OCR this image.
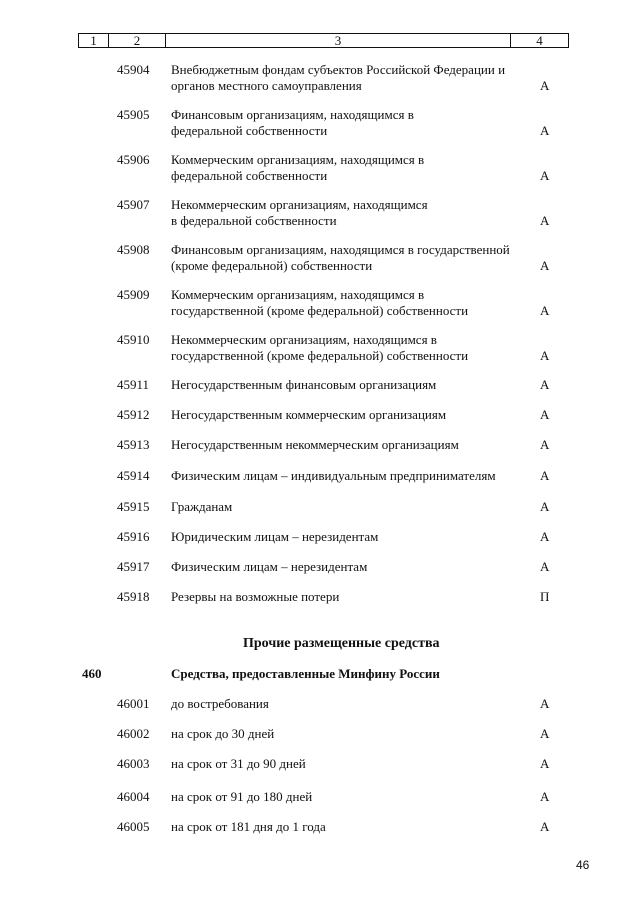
1	2	3	4
45904 Внебюджетным фондам субъектов Российской Федерации и органов местного самоуправления	А
45905 Финансовым организациям, находящимся в федеральной собственности	А
45906 Коммерческим организациям, находящимся в федеральной собственности	А
45907 Некоммерческим организациям, находящимся в федеральной собственности	А
45908 Финансовым организациям, находящимся в государственной (кроме федеральной) собственности	А
45909 Коммерческим организациям, находящимся в государственной (кроме федеральной) собственности	А
45910 Некоммерческим организациям, находящимся в государственной (кроме федеральной) собственности	А
45911 Негосударственным финансовым организациям	А
45912 Негосударственным коммерческим организациям	А
45913 Негосударственным некоммерческим организациям	А
45914 Физическим лицам – индивидуальным предпринимателям	А
45915 Гражданам	А
45916 Юридическим лицам – нерезидентам	А
45917 Физическим лицам – нерезидентам	А
45918 Резервы на возможные потери	П
Прочие размещенные средства
460	Средства, предоставленные Минфину России
46001 до востребования	А
46002 на срок до 30 дней	А
46003 на срок от 31 до 90 дней	А
46004 на срок от 91 до 180 дней	А
46005 на срок от 181 дня до 1 года	А
46
